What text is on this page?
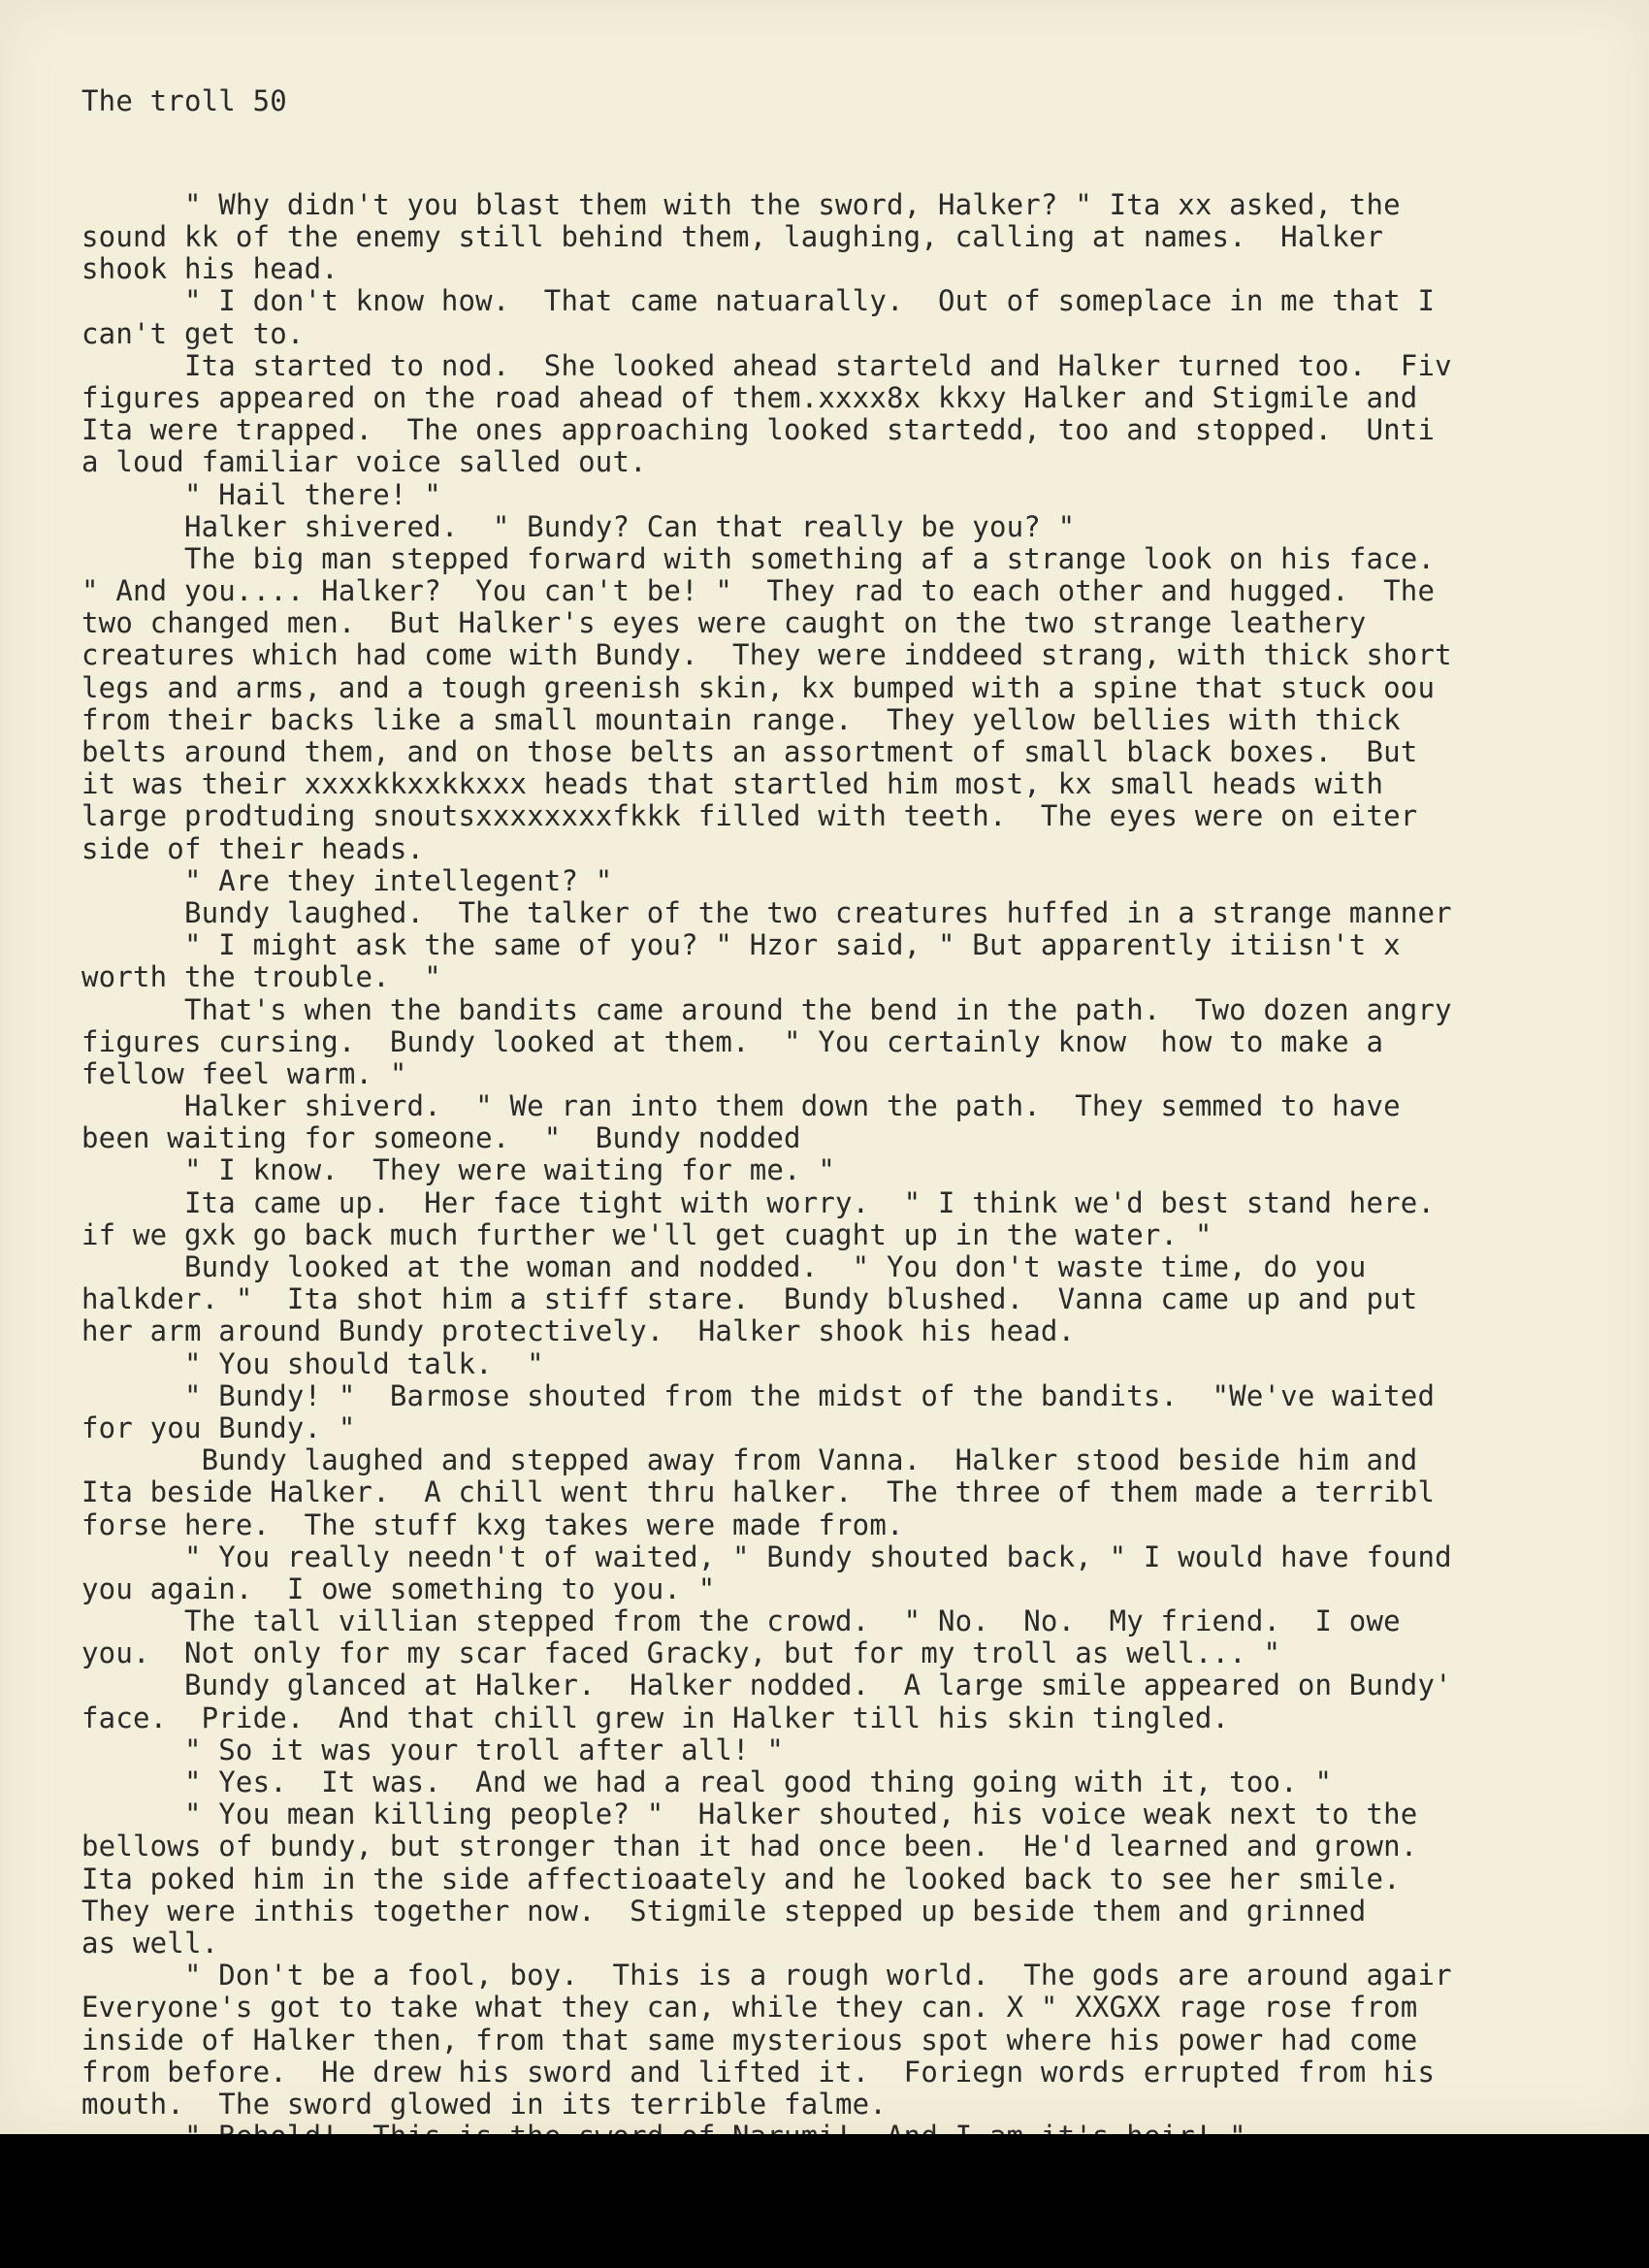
The troll 50

" Why didn't you blast them with the sword, Halker? " Ita xx asked, the
sound kk of the enemy still behind them, laughing, calling at names.  Halker
shook his head.
" I don't know how.  That came natuarally.  Out of someplace in me that I
can't get to.
Ita started to nod.  She looked ahead starteld and Halker turned too.  Fiv
figures appeared on the road ahead of them.xxxx8x kkxy Halker and Stigmile and
Ita were trapped.  The ones approaching looked startedd, too and stopped.  Unti
a loud familiar voice salled out.
" Hail there! "
Halker shivered.  " Bundy? Can that really be you? "
The big man stepped forward with something af a strange look on his face.
" And you.... Halker?  You can't be! "  They rad to each other and hugged.  The
two changed men.  But Halker's eyes were caught on the two strange leathery
creatures which had come with Bundy.  They were inddeed strang, with thick short
legs and arms, and a tough greenish skin, kx bumped with a spine that stuck oou
from their backs like a small mountain range.  They yellow bellies with thick
belts around them, and on those belts an assortment of small black boxes.  But
it was their xxxxkkxxkkxxx heads that startled him most, kx small heads with
large prodtuding snoutsxxxxxxxxfkkk filled with teeth.  The eyes were on eiter
side of their heads.
" Are they intellegent? "
Bundy laughed.  The talker of the two creatures huffed in a strange manner
" I might ask the same of you? " Hzor said, " But apparently itiisn't x
worth the trouble.  "
That's when the bandits came around the bend in the path.  Two dozen angry
figures cursing.  Bundy looked at them.  " You certainly know  how to make a
fellow feel warm. "
Halker shiverd.  " We ran into them down the path.  They semmed to have
been waiting for someone.  "  Bundy nodded
" I know.  They were waiting for me. "
Ita came up.  Her face tight with worry.  " I think we'd best stand here.
if we gxk go back much further we'll get cuaght up in the water. "
Bundy looked at the woman and nodded.  " You don't waste time, do you
halkder. "  Ita shot him a stiff stare.  Bundy blushed.  Vanna came up and put
her arm around Bundy protectively.  Halker shook his head.
" You should talk.  "
" Bundy! "  Barmose shouted from the midst of the bandits.  "We've waited
for you Bundy. "
Bundy laughed and stepped away from Vanna.  Halker stood beside him and
Ita beside Halker.  A chill went thru halker.  The three of them made a terribl
forse here.  The stuff kxg takes were made from.
" You really needn't of waited, " Bundy shouted back, " I would have found
you again.  I owe something to you. "
The tall villian stepped from the crowd.  " No.  No.  My friend.  I owe
you.  Not only for my scar faced Gracky, but for my troll as well... "
Bundy glanced at Halker.  Halker nodded.  A large smile appeared on Bundy'
face.  Pride.  And that chill grew in Halker till his skin tingled.
" So it was your troll after all! "
" Yes.  It was.  And we had a real good thing going with it, too. "
" You mean killing people? "  Halker shouted, his voice weak next to the
bellows of bundy, but stronger than it had once been.  He'd learned and grown.
Ita poked him in the side affectioaately and he looked back to see her smile.
They were inthis together now.  Stigmile stepped up beside them and grinned
as well.
" Don't be a fool, boy.  This is a rough world.  The gods are around agair
Everyone's got to take what they can, while they can. X " XXGXX rage rose from
inside of Halker then, from that same mysterious spot where his power had come
from before.  He drew his sword and lifted it.  Foriegn words errupted from his
mouth.  The sword glowed in its terrible falme.
